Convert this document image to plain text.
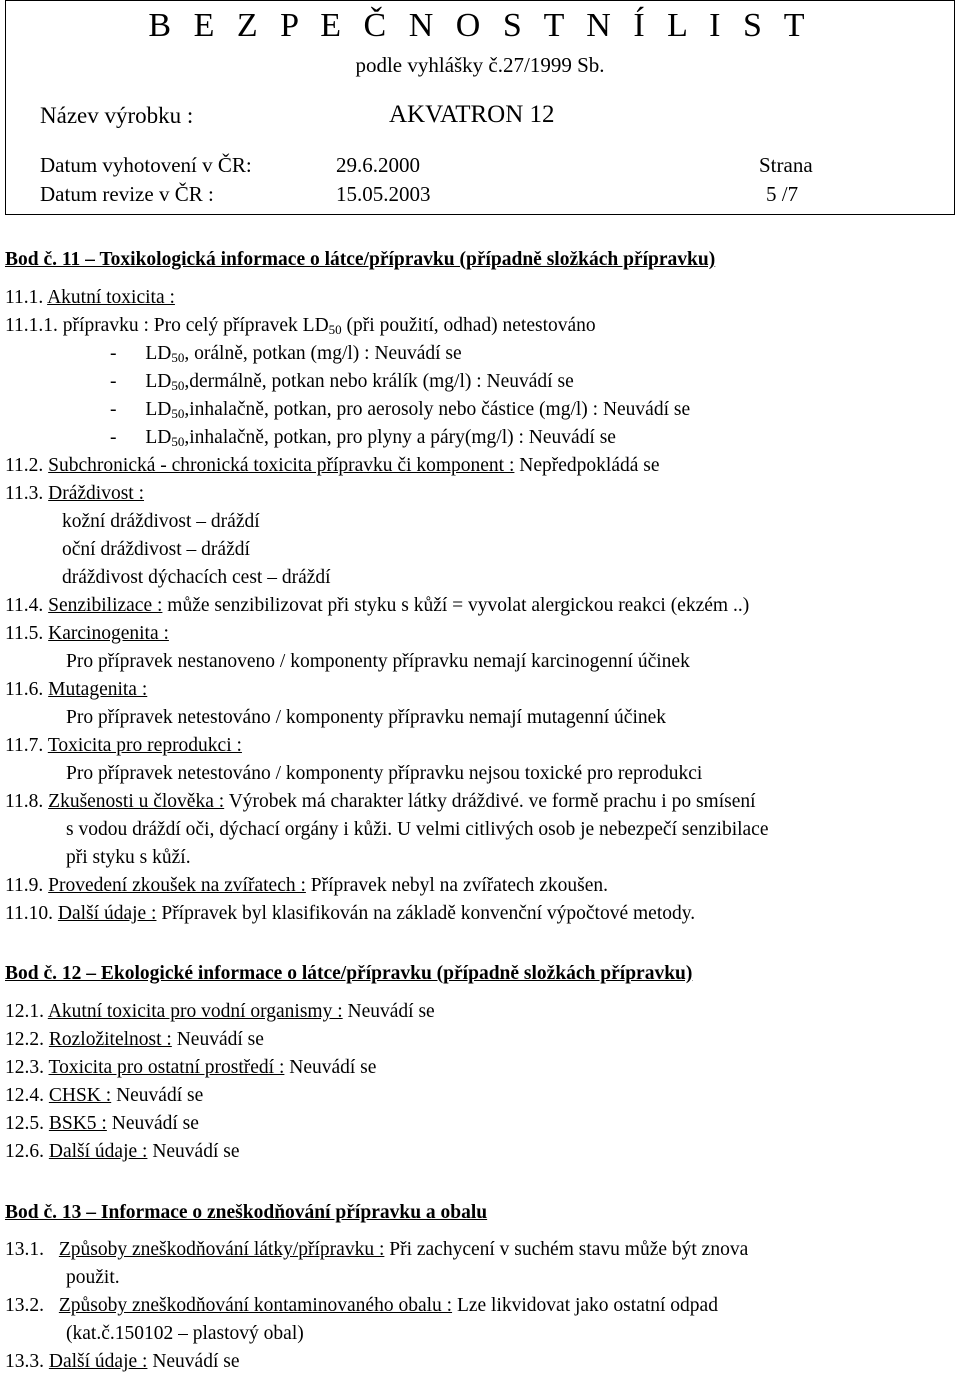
B E Z P E Č N O S T N Í L I S T
podle vyhlášky č.27/1999 Sb.
Název výrobku :	AKVATRON 12
Datum vyhotovení v ČR:	29.6.2000
Datum revize v ČR :	15.05.2003
Strana
5 /7
Bod č. 11 – Toxikologická informace o látce/přípravku (případně složkách přípravku)
11.1. Akutní toxicita :
11.1.1. přípravku : Pro celý přípravek $LD_{50}$ (při použití, odhad) netestováno
- $LD_{50}$, orálně, potkan (mg/l) : Neuvádí se
- $LD_{50},dermá\ln ě$, potkan nebo králík (mg/l) : Neuvádí se
- $LD_{50},inhalačně$, potkan, pro aerosoly nebo částice (mg/l) : Neuvádí se
- $LD_{50},inhalačně$, potkan, pro plyny a páry(mg/l) : Neuvádí se
11.2. Subchronická - chronická toxicita přípravku či komponent : Nepředpokládá se
11.3. Dráždivost :
kožní dráždivost – dráždí
oční dráždivost – dráždí
dráždivost dýchacích cest – dráždí
11.4. Senzibilizace : může senzibilizovat při styku s kůží = vyvolat alergickou reakci (ekzém ..)
11.5. Karcinogenita :
Pro přípravek nestanoveno / komponenty přípravku nemají karcinogenní účinek
11.6. Mutagenita :
Pro přípravek netestováno / komponenty přípravku nemají mutagenní účinek
11.7. Toxicita pro reprodukci :
Pro přípravek netestováno / komponenty přípravku nejsou toxické pro reprodukci
11.8. Zkušenosti u člověka : Výrobek má charakter látky dráždivé. ve formě prachu i po smísení
s vodou dráždí oči, dýchací orgány i kůži. U velmi citlivých osob je nebezpečí senzibilace
při styku s kůží.
11.9. Provedení zkoušek na zvířatech : Přípravek nebyl na zvířatech zkoušen.
11.10. Další údaje : Přípravek byl klasifikován na základě konvenční výpočtové metody.
Bod č. 12 – Ekologické informace o látce/přípravku (případně složkách přípravku)
12.1. Akutní toxicita pro vodní organismy : Neuvádí se
12.2. Rozložitelnost : Neuvádí se
12.3. Toxicita pro ostatní prostředí : Neuvádí se
12.4. CHSK : Neuvádí se
12.5. BSK5 : Neuvádí se
12.6. Další údaje : Neuvádí se
Bod č. 13 – Informace o zneškodňování přípravku a obalu
13.1. Způsoby zneškodňování látky/přípravku : Při zachycení v suchém stavu může být znova
použit.
13.2. Způsoby zneškodňování kontaminovaného obalu : Lze likvidovat jako ostatní odpad
(kat.č.150102 – plastový obal)
13.3. Další údaje : Neuvádí se
